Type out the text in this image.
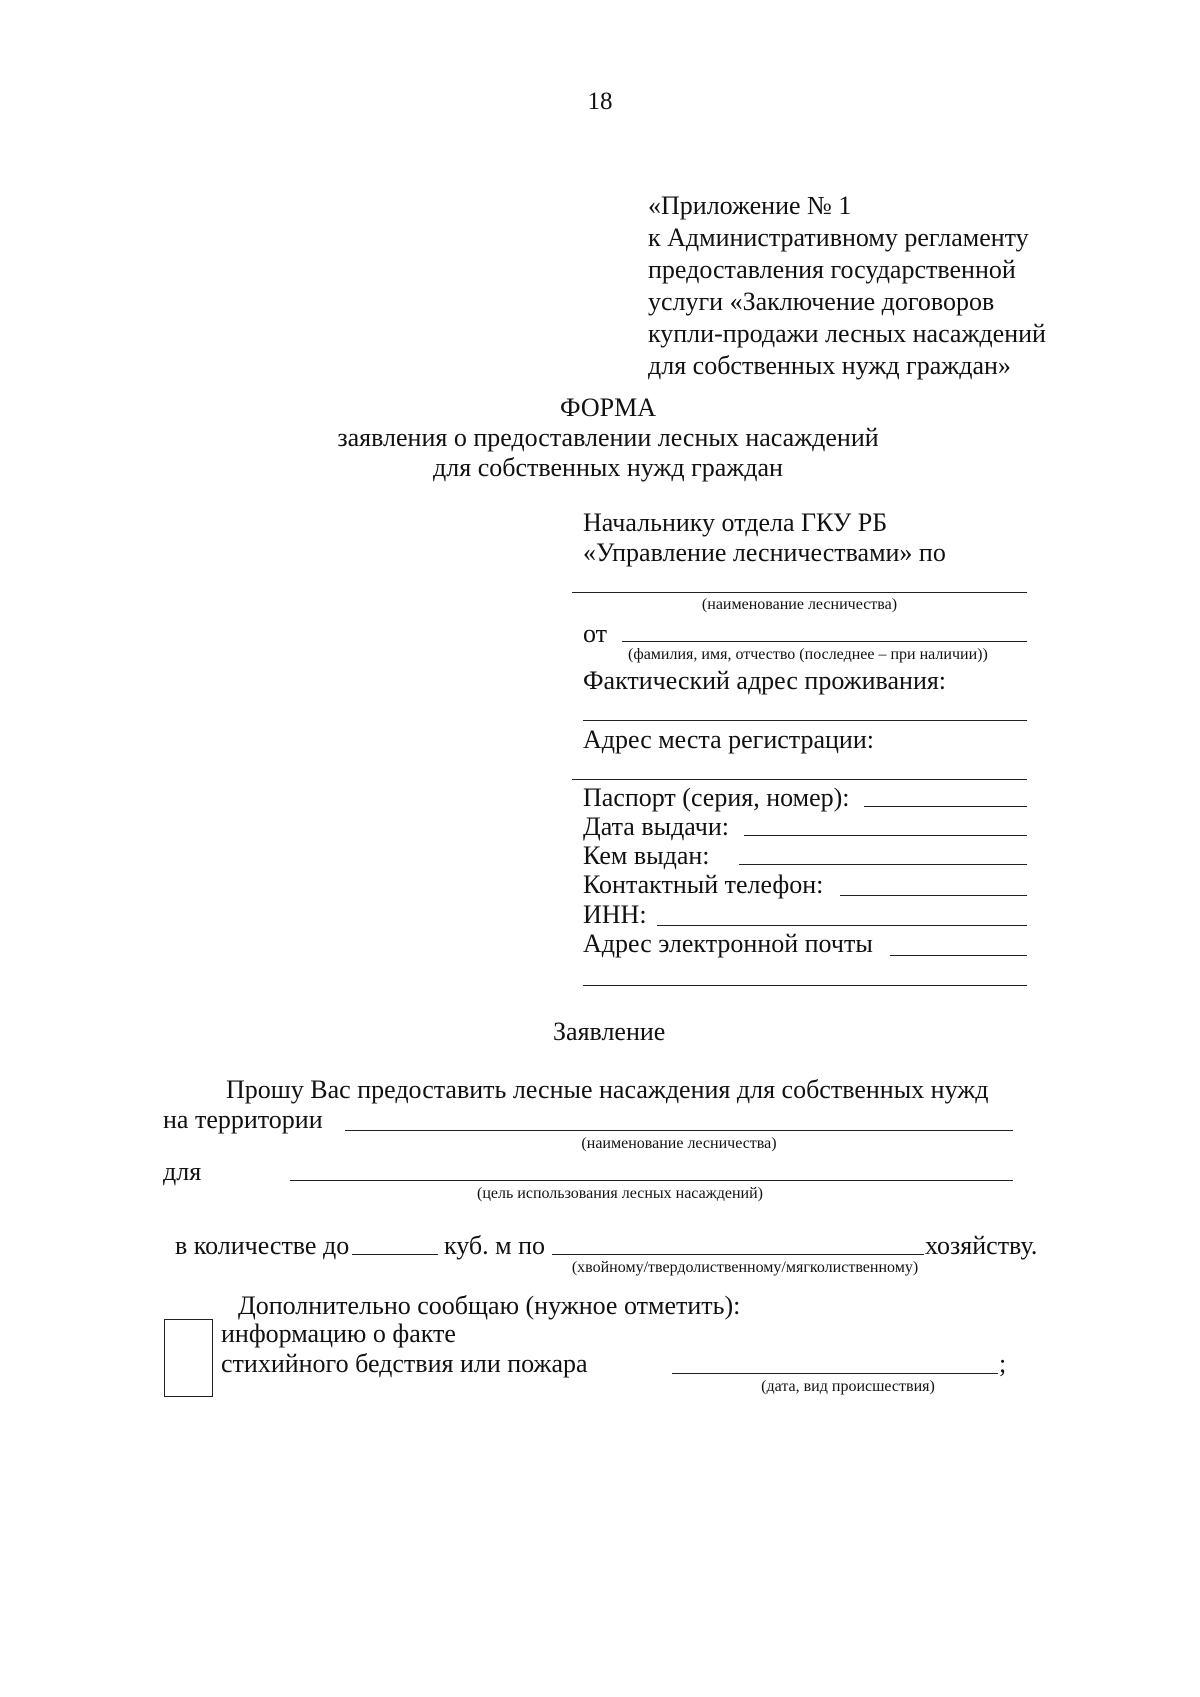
18
«Приложение № 1
к Административному регламенту
предоставления государственной
услуги «Заключение договоров
купли-продажи лесных насаждений
для собственных нужд граждан»
ФОРМА
заявления о предоставлении лесных насаждений
для собственных нужд граждан
Начальнику отдела ГКУ РБ
«Управление лесничествами» по
(наименование лесничества)
от
(фамилия, имя, отчество (последнее – при наличии))
Фактический адрес проживания:
Адрес места регистрации:
Паспорт (серия, номер):
Дата выдачи:
Кем выдан:
Контактный телефон:
ИНН:
Адрес электронной почты
Заявление
Прошу Вас предоставить лесные насаждения для собственных нужд
на территории
(наименование лесничества)
для
(цель использования лесных насаждений)
в количестве до	куб. м по	хозяйству.
(хвойному/твердолиственному/мягколиственному)
Дополнительно сообщаю (нужное отметить):
информацию о факте
стихийного бедствия или пожара	;
(дата, вид происшествия)
